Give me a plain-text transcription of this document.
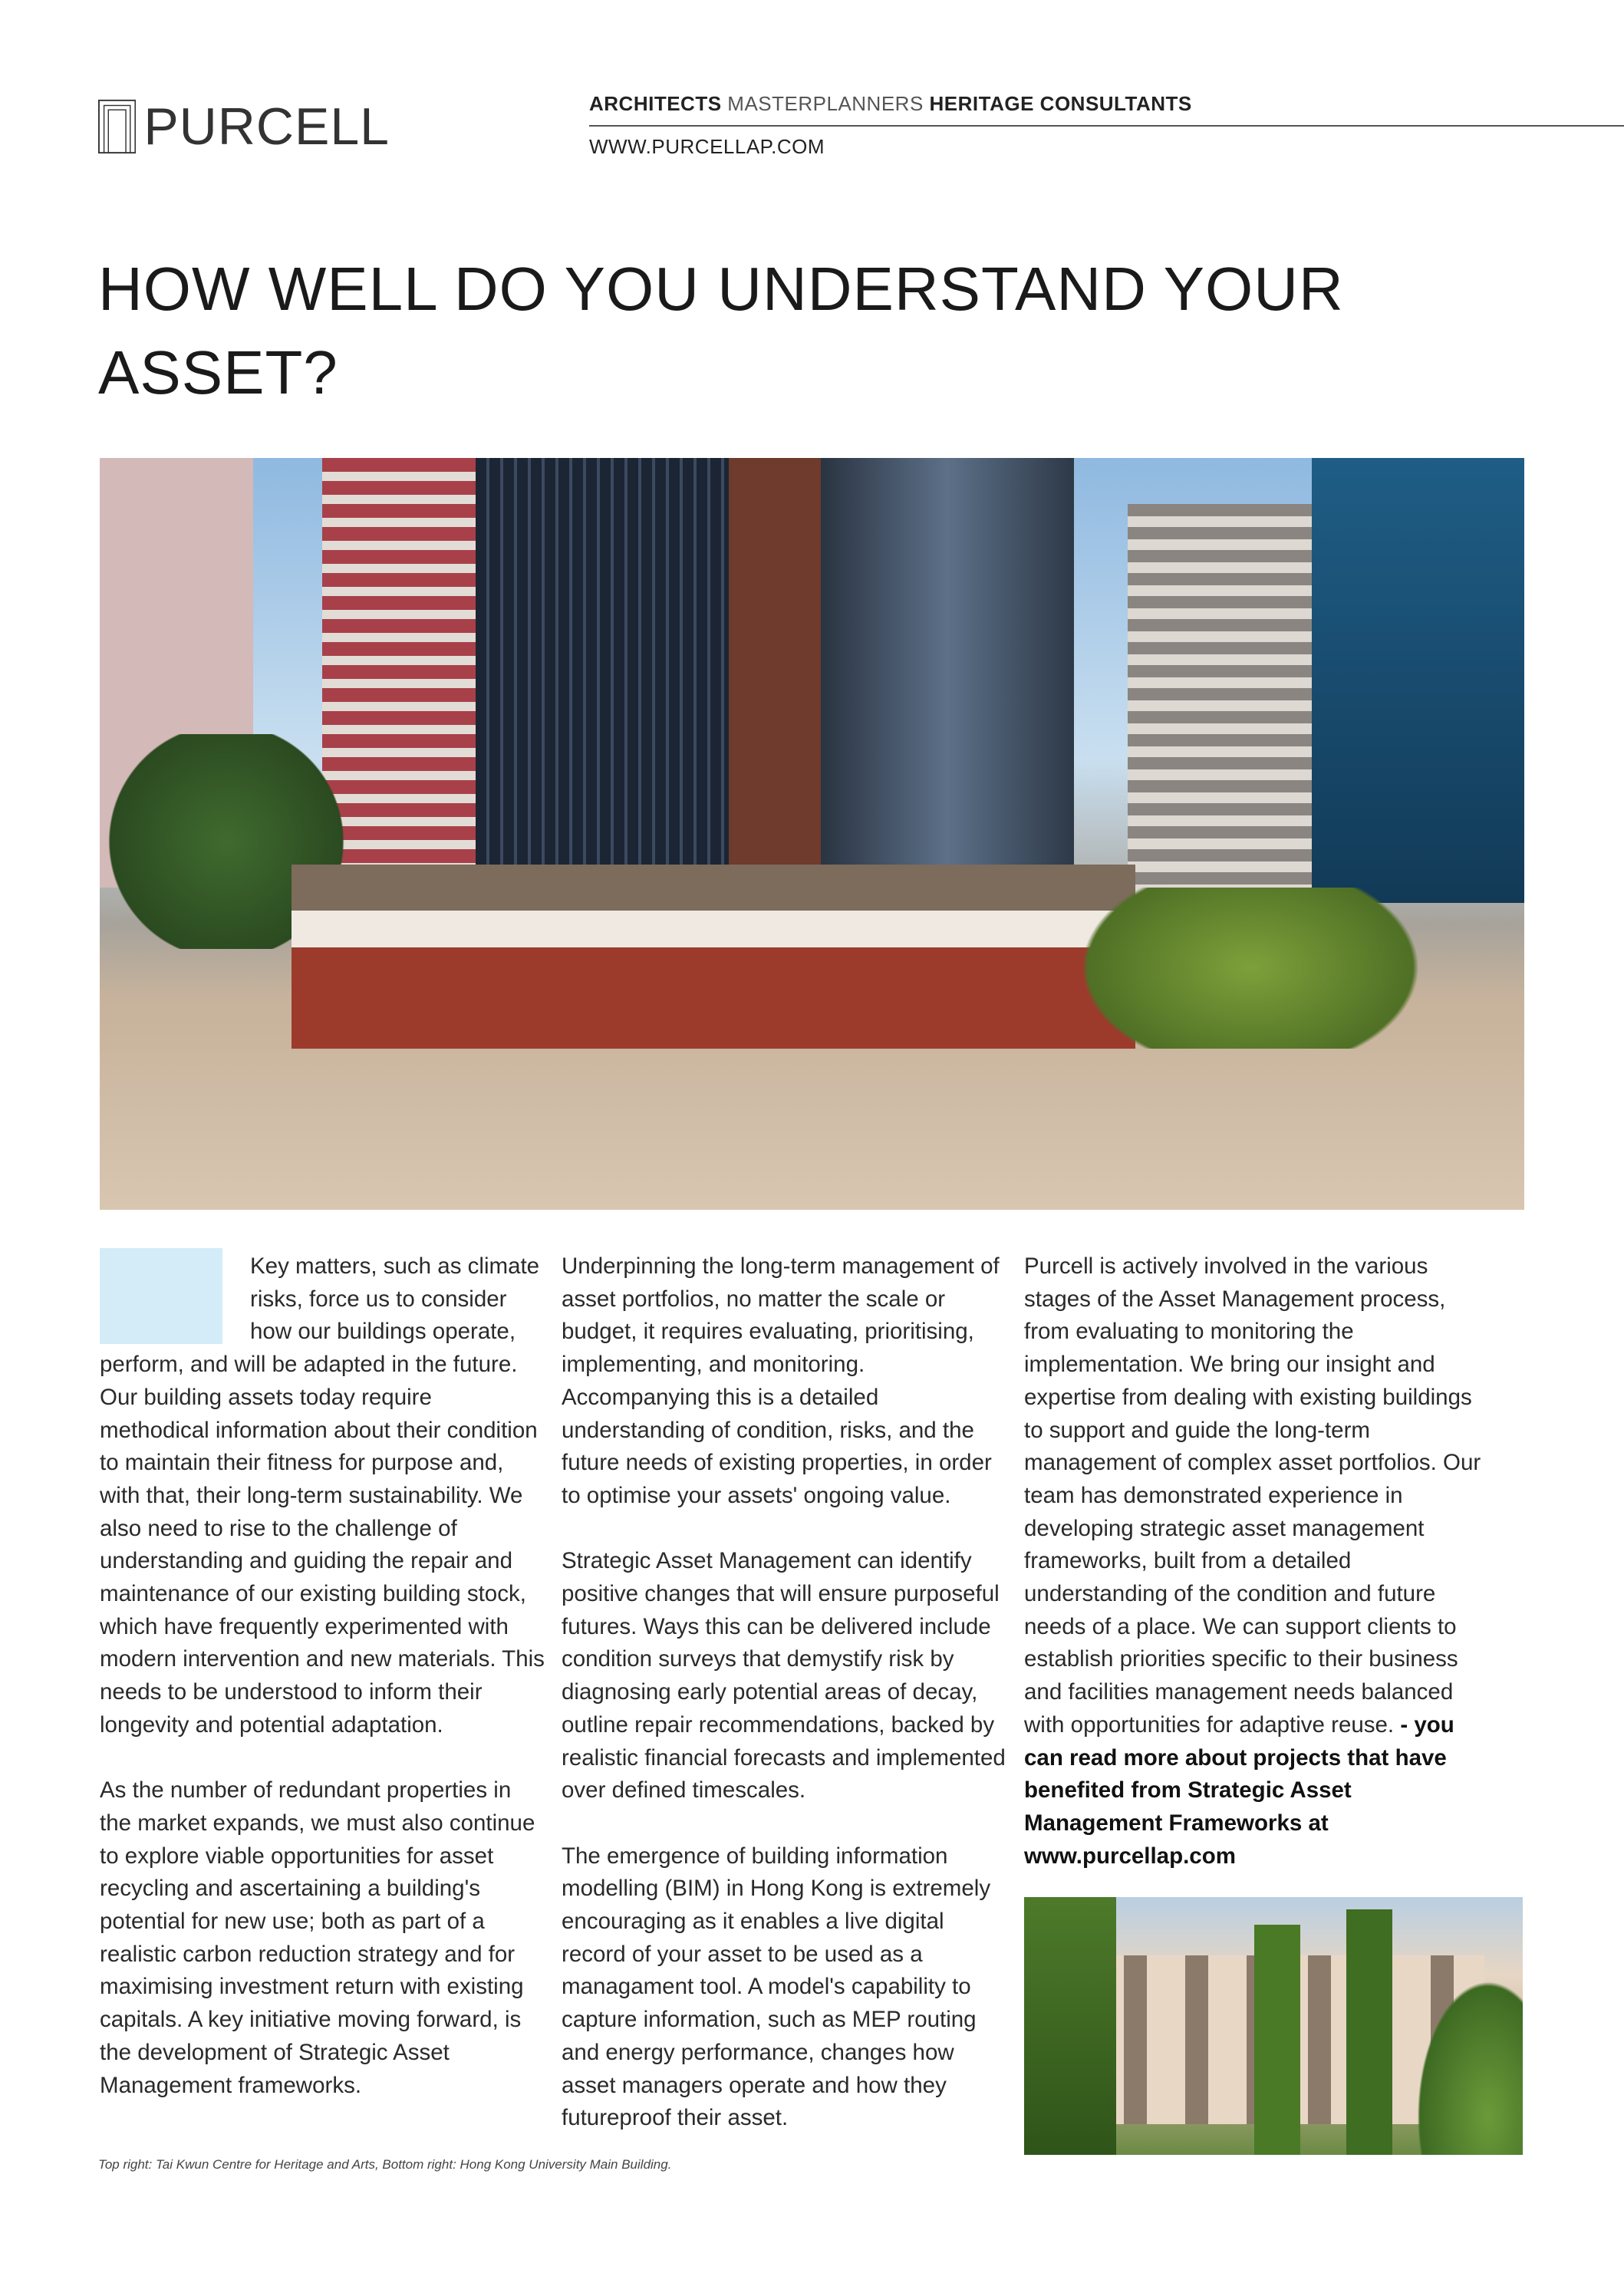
PURCELL	ARCHITECTS MASTERPLANNERS HERITAGE CONSULTANTS
WWW.PURCELLAP.COM
HOW WELL DO YOU UNDERSTAND YOUR ASSET?

Key matters, such as climate risks, force us to consider how our buildings operate, perform, and will be adapted in the future. Our building assets today require methodical information about their condition to maintain their fitness for purpose and, with that, their long-term sustainability. We also need to rise to the challenge of understanding and guiding the repair and maintenance of our existing building stock, which have frequently experimented with modern intervention and new materials. This needs to be understood to inform their longevity and potential adaptation.

As the number of redundant properties in the market expands, we must also continue to explore viable opportunities for asset recycling and ascertaining a building's potential for new use; both as part of a realistic carbon reduction strategy and for maximising investment return with existing capitals. A key initiative moving forward, is the development of Strategic Asset Management frameworks.

Underpinning the long-term management of asset portfolios, no matter the scale or budget, it requires evaluating, prioritising, implementing, and monitoring. Accompanying this is a detailed understanding of condition, risks, and the future needs of existing properties, in order to optimise your assets' ongoing value.

Strategic Asset Management can identify positive changes that will ensure purposeful futures. Ways this can be delivered include condition surveys that demystify risk by diagnosing early potential areas of decay, outline repair recommendations, backed by realistic financial forecasts and implemented over defined timescales.

The emergence of building information modelling (BIM) in Hong Kong is extremely encouraging as it enables a live digital record of your asset to be used as a managament tool. A model's capability to capture information, such as MEP routing and energy performance, changes how asset managers operate and how they futureproof their asset.

Purcell is actively involved in the various stages of the Asset Management process, from evaluating to monitoring the implementation. We bring our insight and expertise from dealing with existing buildings to support and guide the long-term management of complex asset portfolios. Our team has demonstrated experience in developing strategic asset management frameworks, built from a detailed understanding of the condition and future needs of a place. We can support clients to establish priorities specific to their business and facilities management needs balanced with opportunities for adaptive reuse. - you can read more about projects that have benefited from Strategic Asset Management Frameworks at www.purcellap.com

Top right: Tai Kwun Centre for Heritage and Arts, Bottom right: Hong Kong University Main Building.
